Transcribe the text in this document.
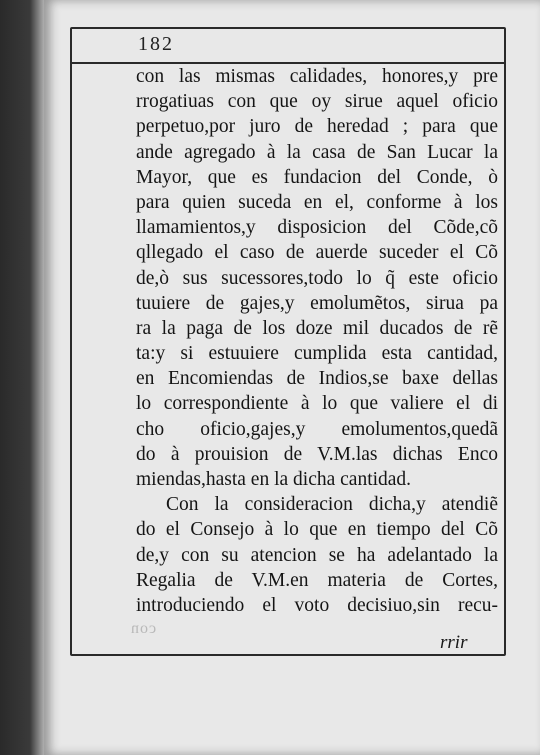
182
con las mismas calidades, honores,y pre
rrogatiuas con que oy sirue aquel oficio
perpetuo,por juro de heredad ; para que
ande agregado à la casa de San Lucar la
Mayor, que es fundacion del Conde, ò
para quien suceda en el, conforme à los
llamamientos,y disposicion del Cõde,cõ
qllegado el caso de auerde suceder el Cõ
de,ò sus sucessores,todo lo q̃ este oficio
tuuiere de gajes,y emolumẽtos, sirua pa
ra la paga de los doze mil ducados de rẽ
ta:y si estuuiere cumplida esta cantidad,
en Encomiendas de Indios,se baxe dellas
lo correspondiente à lo que valiere el di
cho oficio,gajes,y emolumentos,quedã
do à prouision de V.M.las dichas Enco
miendas,hasta en la dicha cantidad.
Con la consideracion dicha,y atendiẽ
do el Consejo à lo que en tiempo del Cõ
de,y con su atencion se ha adelantado la
Regalia de V.M.en materia de Cortes,
introduciendo el voto decisiuo,sin recu-
con
rrir
